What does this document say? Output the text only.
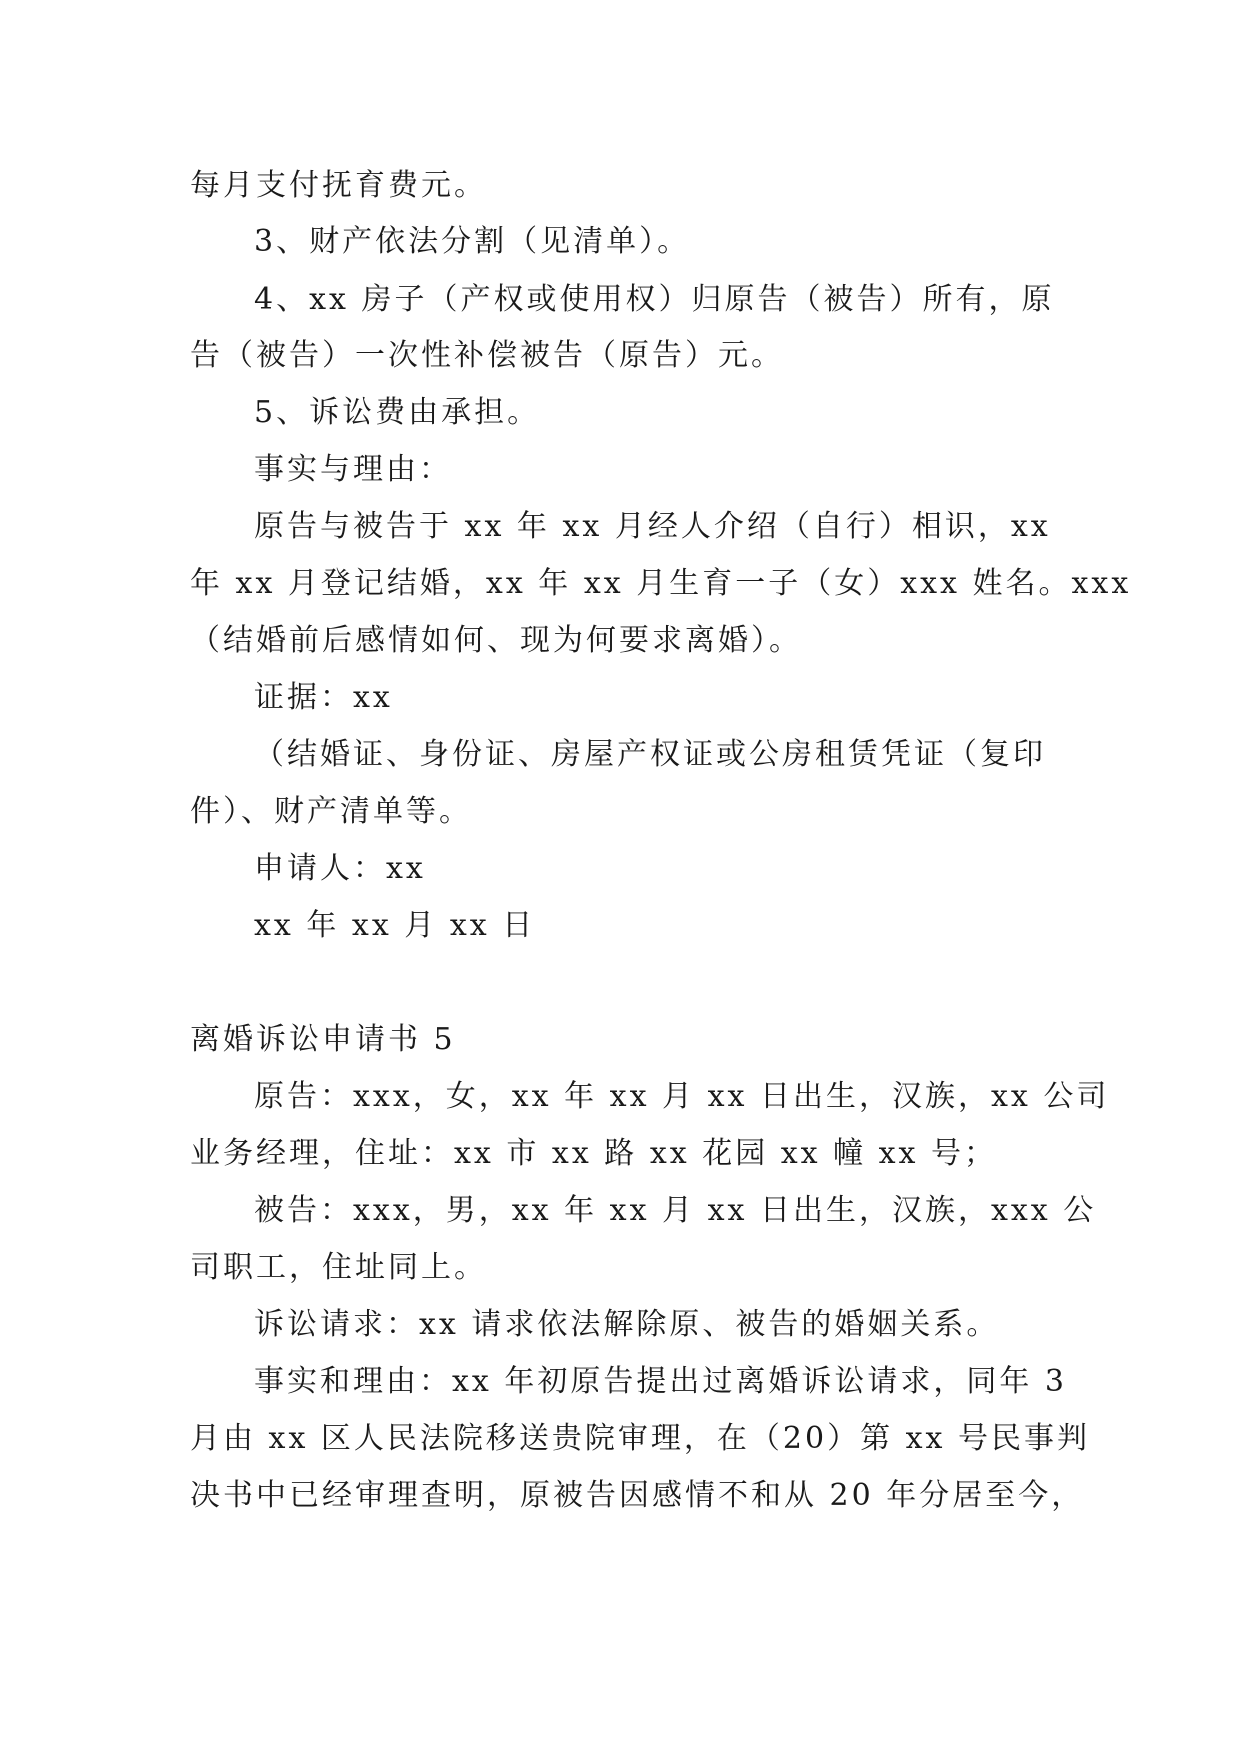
每月支付抚育费元。
3、财产依法分割（见清单）。
4、xx 房子（产权或使用权）归原告（被告）所有，原
告（被告）一次性补偿被告（原告）元。
5、诉讼费由承担。
事实与理由：
原告与被告于 xx 年 xx 月经人介绍（自行）相识，xx
年 xx 月登记结婚，xx 年 xx 月生育一子（女）xxx 姓名。xxx
（结婚前后感情如何、现为何要求离婚）。
证据：xx
（结婚证、身份证、房屋产权证或公房租赁凭证（复印
件）、财产清单等。
申请人：xx
xx 年 xx 月 xx 日
离婚诉讼申请书 5
原告：xxx，女，xx 年 xx 月 xx 日出生，汉族，xx 公司
业务经理，住址：xx 市 xx 路 xx 花园 xx 幢 xx 号；
被告：xxx，男，xx 年 xx 月 xx 日出生，汉族，xxx 公
司职工，住址同上。
诉讼请求：xx 请求依法解除原、被告的婚姻关系。
事实和理由：xx 年初原告提出过离婚诉讼请求，同年 3
月由 xx 区人民法院移送贵院审理，在（20）第 xx 号民事判
决书中已经审理查明，原被告因感情不和从 20 年分居至今，
